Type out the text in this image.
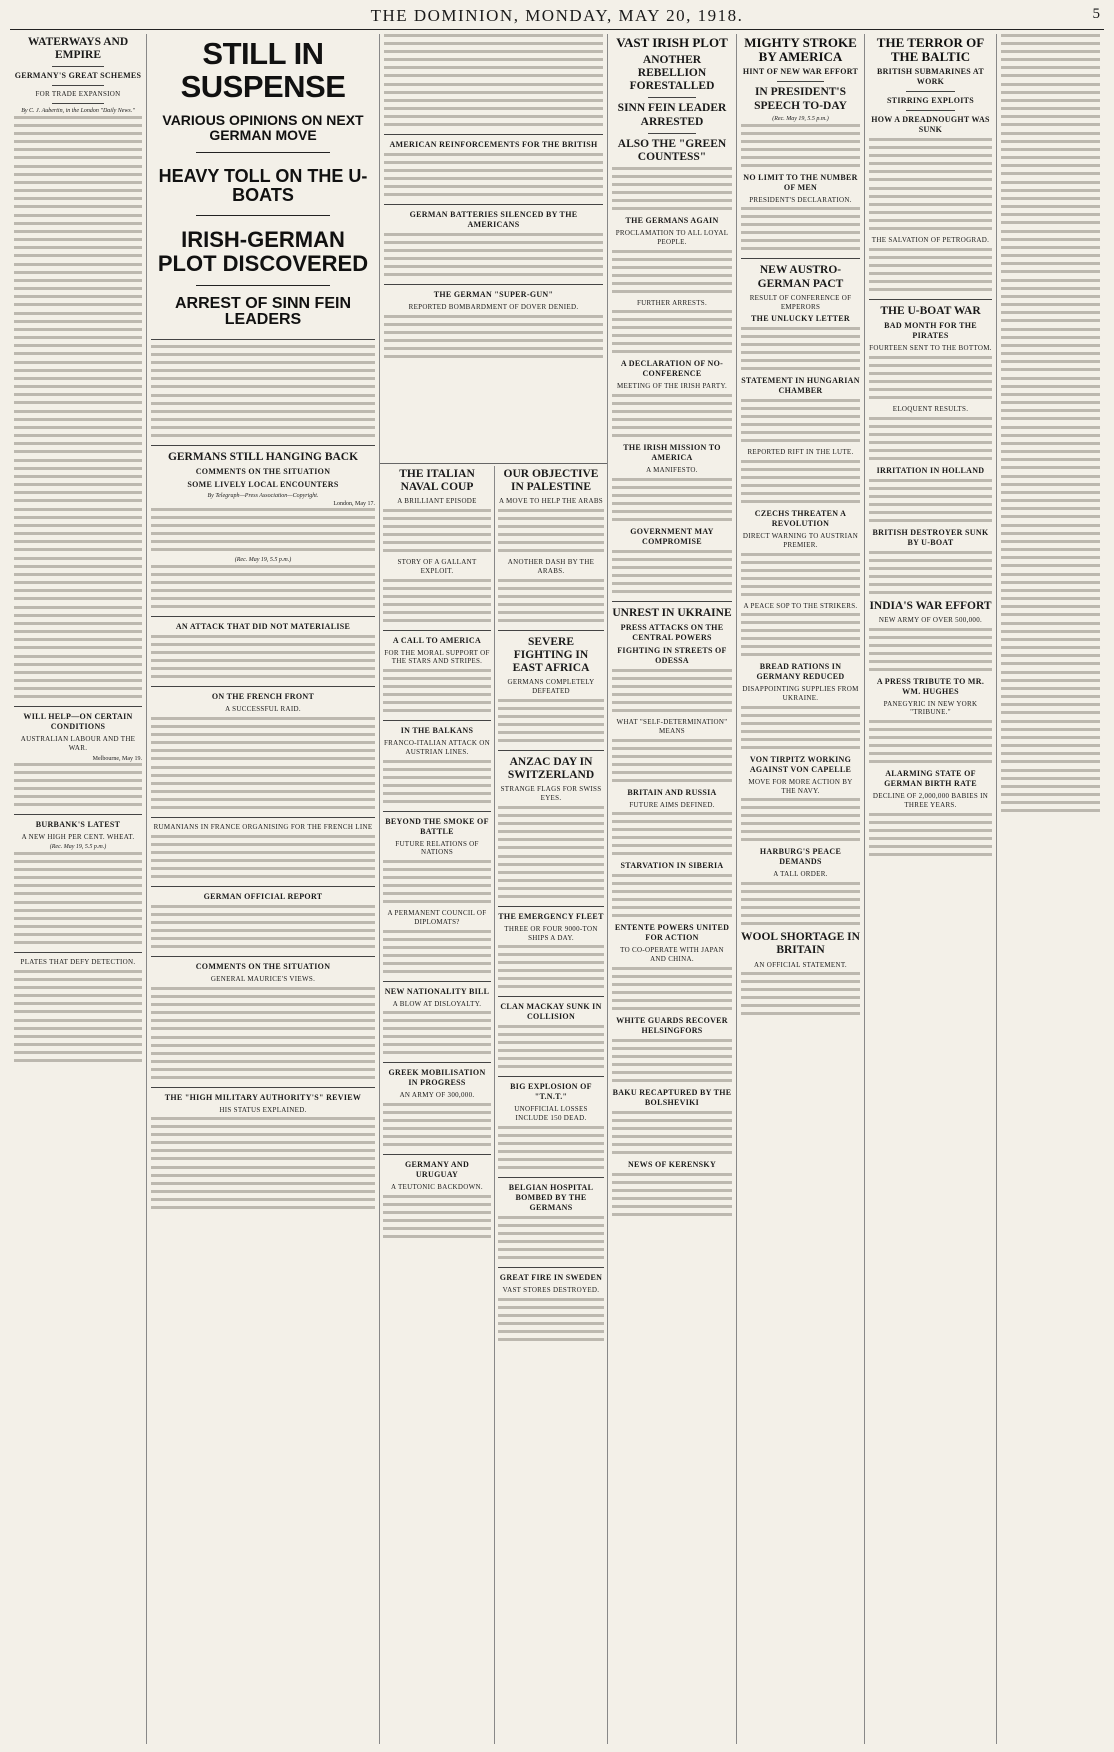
THE DOMINION, MONDAY, MAY 20, 1918.	5
WATERWAYS AND EMPIRE
GERMANY'S GREAT SCHEMES
FOR TRADE EXPANSION
By C. J. Aubertin, in the London "Daily News."
WILL HELP—ON CERTAIN CONDITIONS
AUSTRALIAN LABOUR AND THE WAR.
Melbourne, May 19.
BURBANK'S LATEST
A NEW HIGH PER CENT. WHEAT.
(Rec. May 19, 5.5 p.m.)
PLATES THAT DEFY DETECTION.
STILL IN SUSPENSE
VARIOUS OPINIONS ON NEXT GERMAN MOVE
HEAVY TOLL ON THE U-BOATS
IRISH-GERMAN PLOT DISCOVERED
ARREST OF SINN FEIN LEADERS
GERMANS STILL HANGING BACK
COMMENTS ON THE SITUATION
SOME LIVELY LOCAL ENCOUNTERS
By Telegraph—Press Association—Copyright.
London, May 17.
(Rec. May 19, 5.5 p.m.)
AN ATTACK THAT DID NOT MATERIALISE
ON THE FRENCH FRONT
A SUCCESSFUL RAID.
RUMANIANS IN FRANCE ORGANISING FOR THE FRENCH LINE
GERMAN OFFICIAL REPORT
COMMENTS ON THE SITUATION
GENERAL MAURICE'S VIEWS.
THE "HIGH MILITARY AUTHORITY'S" REVIEW
HIS STATUS EXPLAINED.
AMERICAN REINFORCEMENTS FOR THE BRITISH
GERMAN BATTERIES SILENCED BY THE AMERICANS
THE GERMAN "SUPER-GUN"
REPORTED BOMBARDMENT OF DOVER DENIED.
THE ITALIAN NAVAL COUP
A BRILLIANT EPISODE
STORY OF A GALLANT EXPLOIT.
A CALL TO AMERICA
FOR THE MORAL SUPPORT OF THE STARS AND STRIPES.
IN THE BALKANS
FRANCO-ITALIAN ATTACK ON AUSTRIAN LINES.
BEYOND THE SMOKE OF BATTLE
FUTURE RELATIONS OF NATIONS
A PERMANENT COUNCIL OF DIPLOMATS?
NEW NATIONALITY BILL
A BLOW AT DISLOYALTY.
GREEK MOBILISATION IN PROGRESS
AN ARMY OF 300,000.
GERMANY AND URUGUAY
A TEUTONIC BACKDOWN.
OUR OBJECTIVE IN PALESTINE
A MOVE TO HELP THE ARABS
ANOTHER DASH BY THE ARABS.
SEVERE FIGHTING IN EAST AFRICA
GERMANS COMPLETELY DEFEATED
ANZAC DAY IN SWITZERLAND
STRANGE FLAGS FOR SWISS EYES.
THE EMERGENCY FLEET
THREE OR FOUR 9000-TON SHIPS A DAY.
CLAN MACKAY SUNK IN COLLISION
BIG EXPLOSION OF "T.N.T."
UNOFFICIAL LOSSES INCLUDE 150 DEAD.
BELGIAN HOSPITAL BOMBED BY THE GERMANS
GREAT FIRE IN SWEDEN
VAST STORES DESTROYED.
VAST IRISH PLOT
ANOTHER REBELLION FORESTALLED
SINN FEIN LEADER ARRESTED
ALSO THE "GREEN COUNTESS"
THE GERMANS AGAIN
PROCLAMATION TO ALL LOYAL PEOPLE.
FURTHER ARRESTS.
A DECLARATION OF NO-CONFERENCE
MEETING OF THE IRISH PARTY.
THE IRISH MISSION TO AMERICA
A MANIFESTO.
GOVERNMENT MAY COMPROMISE
UNREST IN UKRAINE
PRESS ATTACKS ON THE CENTRAL POWERS
FIGHTING IN STREETS OF ODESSA
WHAT "SELF-DETERMINATION" MEANS
BRITAIN AND RUSSIA
FUTURE AIMS DEFINED.
STARVATION IN SIBERIA
ENTENTE POWERS UNITED FOR ACTION
TO CO-OPERATE WITH JAPAN AND CHINA.
WHITE GUARDS RECOVER HELSINGFORS
BAKU RECAPTURED BY THE BOLSHEVIKI
NEWS OF KERENSKY
MIGHTY STROKE BY AMERICA
HINT OF NEW WAR EFFORT
IN PRESIDENT'S SPEECH TO-DAY
(Rec. May 19, 5.5 p.m.)
NO LIMIT TO THE NUMBER OF MEN
PRESIDENT'S DECLARATION.
NEW AUSTRO-GERMAN PACT
RESULT OF CONFERENCE OF EMPERORS
THE UNLUCKY LETTER
STATEMENT IN HUNGARIAN CHAMBER
REPORTED RIFT IN THE LUTE.
CZECHS THREATEN A REVOLUTION
DIRECT WARNING TO AUSTRIAN PREMIER.
A PEACE SOP TO THE STRIKERS.
BREAD RATIONS IN GERMANY REDUCED
DISAPPOINTING SUPPLIES FROM UKRAINE.
VON TIRPITZ WORKING AGAINST VON CAPELLE
MOVE FOR MORE ACTION BY THE NAVY.
HARBURG'S PEACE DEMANDS
A TALL ORDER.
WOOL SHORTAGE IN BRITAIN
AN OFFICIAL STATEMENT.
THE TERROR OF THE BALTIC
BRITISH SUBMARINES AT WORK
STIRRING EXPLOITS
HOW A DREADNOUGHT WAS SUNK
THE SALVATION OF PETROGRAD.
THE U-BOAT WAR
BAD MONTH FOR THE PIRATES
FOURTEEN SENT TO THE BOTTOM.
ELOQUENT RESULTS.
IRRITATION IN HOLLAND
BRITISH DESTROYER SUNK BY U-BOAT
INDIA'S WAR EFFORT
NEW ARMY OF OVER 500,000.
A PRESS TRIBUTE TO MR. WM. HUGHES
PANEGYRIC IN NEW YORK "TRIBUNE."
ALARMING STATE OF GERMAN BIRTH RATE
DECLINE OF 2,000,000 BABIES IN THREE YEARS.
